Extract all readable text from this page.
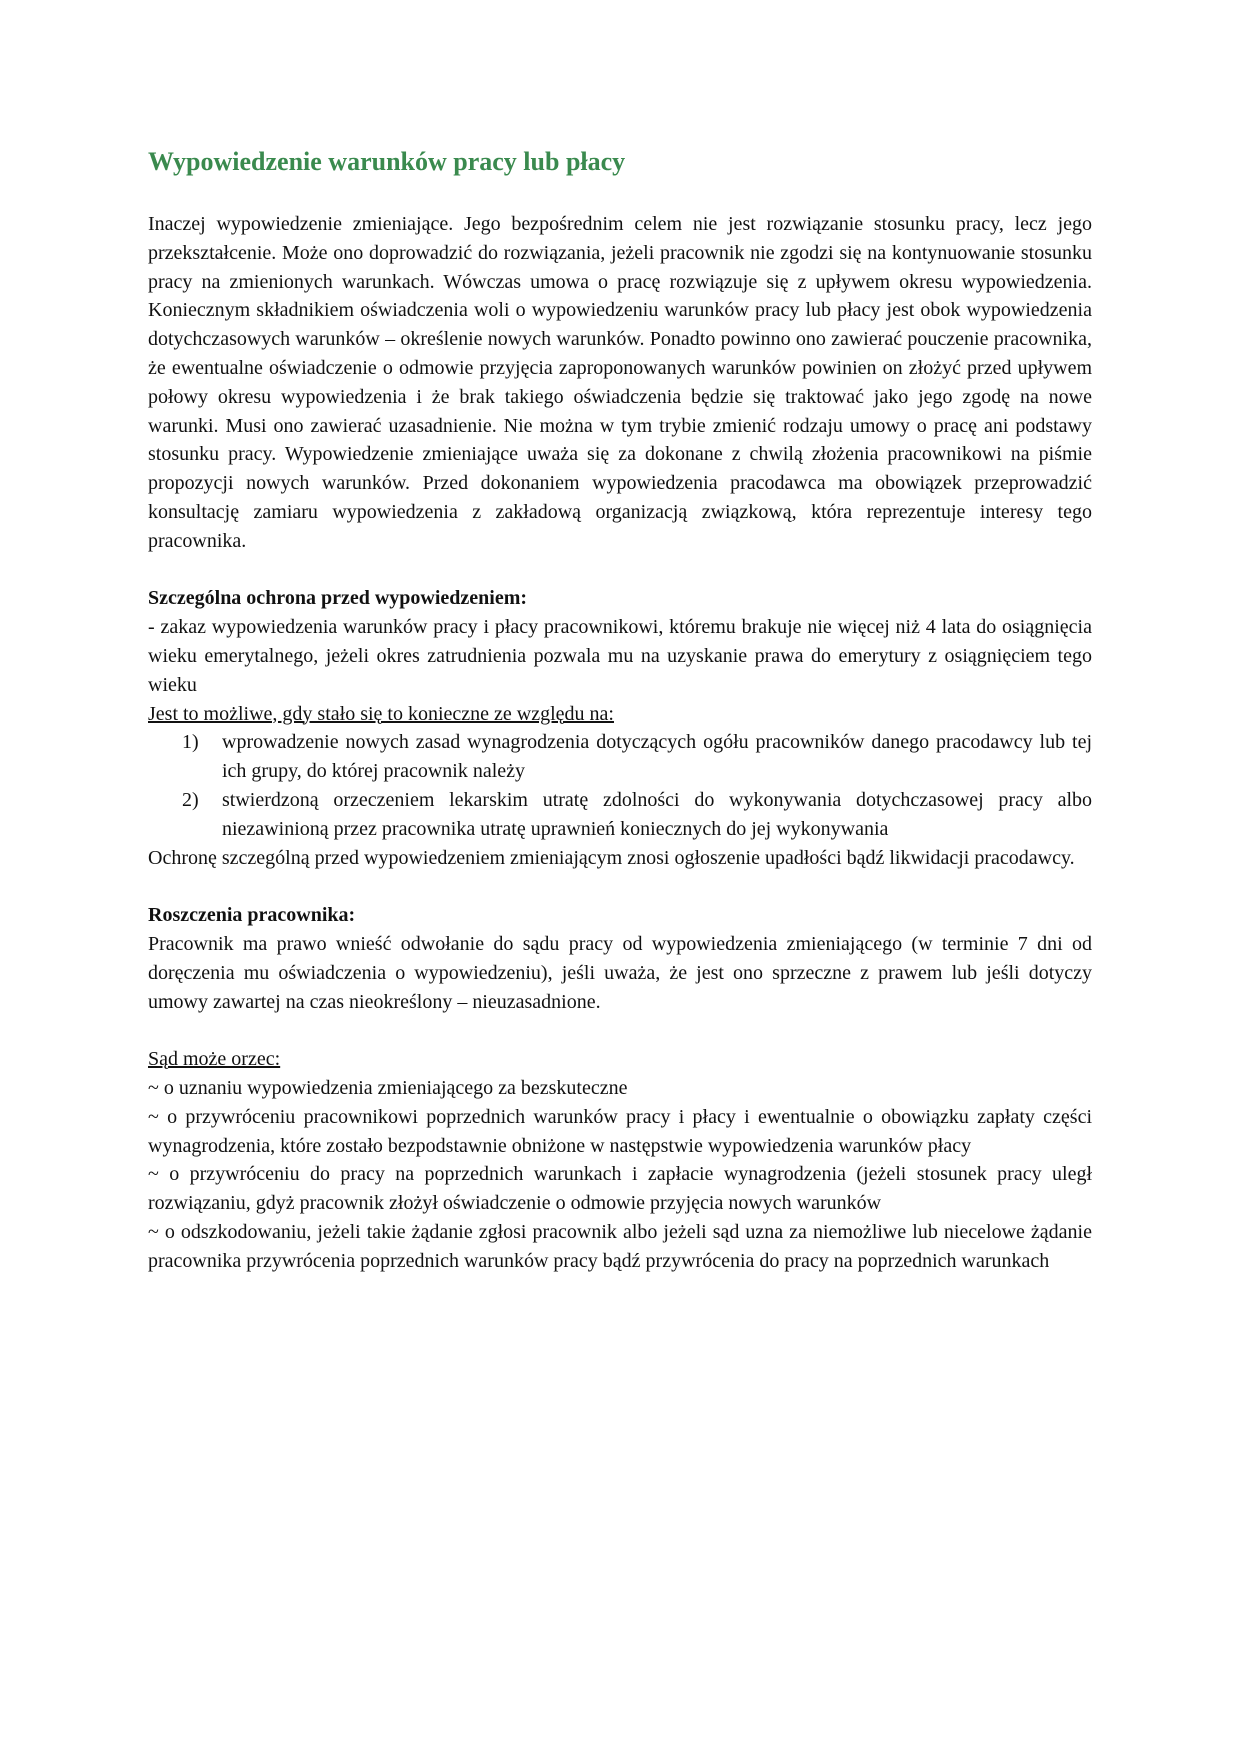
Wypowiedzenie warunków pracy lub płacy

Inaczej wypowiedzenie zmieniające. Jego bezpośrednim celem nie jest rozwiązanie stosunku pracy, lecz jego przekształcenie. Może ono doprowadzić do rozwiązania, jeżeli pracownik nie zgodzi się na kontynuowanie stosunku pracy na zmienionych warunkach. Wówczas umowa o pracę rozwiązuje się z upływem okresu wypowiedzenia. Koniecznym składnikiem oświadczenia woli o wypowiedzeniu warunków pracy lub płacy jest obok wypowiedzenia dotychczasowych warunków – określenie nowych warunków. Ponadto powinno ono zawierać pouczenie pracownika, że ewentualne oświadczenie o odmowie przyjęcia zaproponowanych warunków powinien on złożyć przed upływem połowy okresu wypowiedzenia i że brak takiego oświadczenia będzie się traktować jako jego zgodę na nowe warunki. Musi ono zawierać uzasadnienie. Nie można w tym trybie zmienić rodzaju umowy o pracę ani podstawy stosunku pracy. Wypowiedzenie zmieniające uważa się za dokonane z chwilą złożenia pracownikowi na piśmie propozycji nowych warunków. Przed dokonaniem wypowiedzenia pracodawca ma obowiązek przeprowadzić konsultację zamiaru wypowiedzenia z zakładową organizacją związkową, która reprezentuje interesy tego pracownika.

Szczególna ochrona przed wypowiedzeniem:

- zakaz wypowiedzenia warunków pracy i płacy pracownikowi, któremu brakuje nie więcej niż 4 lata do osiągnięcia wieku emerytalnego, jeżeli okres zatrudnienia pozwala mu na uzyskanie prawa do emerytury z osiągnięciem tego wieku

Jest to możliwe, gdy stało się to konieczne ze względu na:

1) wprowadzenie nowych zasad wynagrodzenia dotyczących ogółu pracowników danego pracodawcy lub tej ich grupy, do której pracownik należy
2) stwierdzoną orzeczeniem lekarskim utratę zdolności do wykonywania dotychczasowej pracy albo niezawinioną przez pracownika utratę uprawnień koniecznych do jej wykonywania

Ochronę szczególną przed wypowiedzeniem zmieniającym znosi ogłoszenie upadłości bądź likwidacji pracodawcy.

Roszczenia pracownika:

Pracownik ma prawo wnieść odwołanie do sądu pracy od wypowiedzenia zmieniającego (w terminie 7 dni od doręczenia mu oświadczenia o wypowiedzeniu), jeśli uważa, że jest ono sprzeczne z prawem lub jeśli dotyczy umowy zawartej na czas nieokreślony – nieuzasadnione.

Sąd może orzec:

~ o uznaniu wypowiedzenia zmieniającego za bezskuteczne

~ o przywróceniu pracownikowi poprzednich warunków pracy i płacy i ewentualnie o obowiązku zapłaty części wynagrodzenia, które zostało bezpodstawnie obniżone w następstwie wypowiedzenia warunków płacy

~ o przywróceniu do pracy na poprzednich warunkach i zapłacie wynagrodzenia (jeżeli stosunek pracy uległ rozwiązaniu, gdyż pracownik złożył oświadczenie o odmowie przyjęcia nowych warunków

~ o odszkodowaniu, jeżeli takie żądanie zgłosi pracownik albo jeżeli sąd uzna za niemożliwe lub niecelowe żądanie pracownika przywrócenia poprzednich warunków pracy bądź przywrócenia do pracy na poprzednich warunkach
